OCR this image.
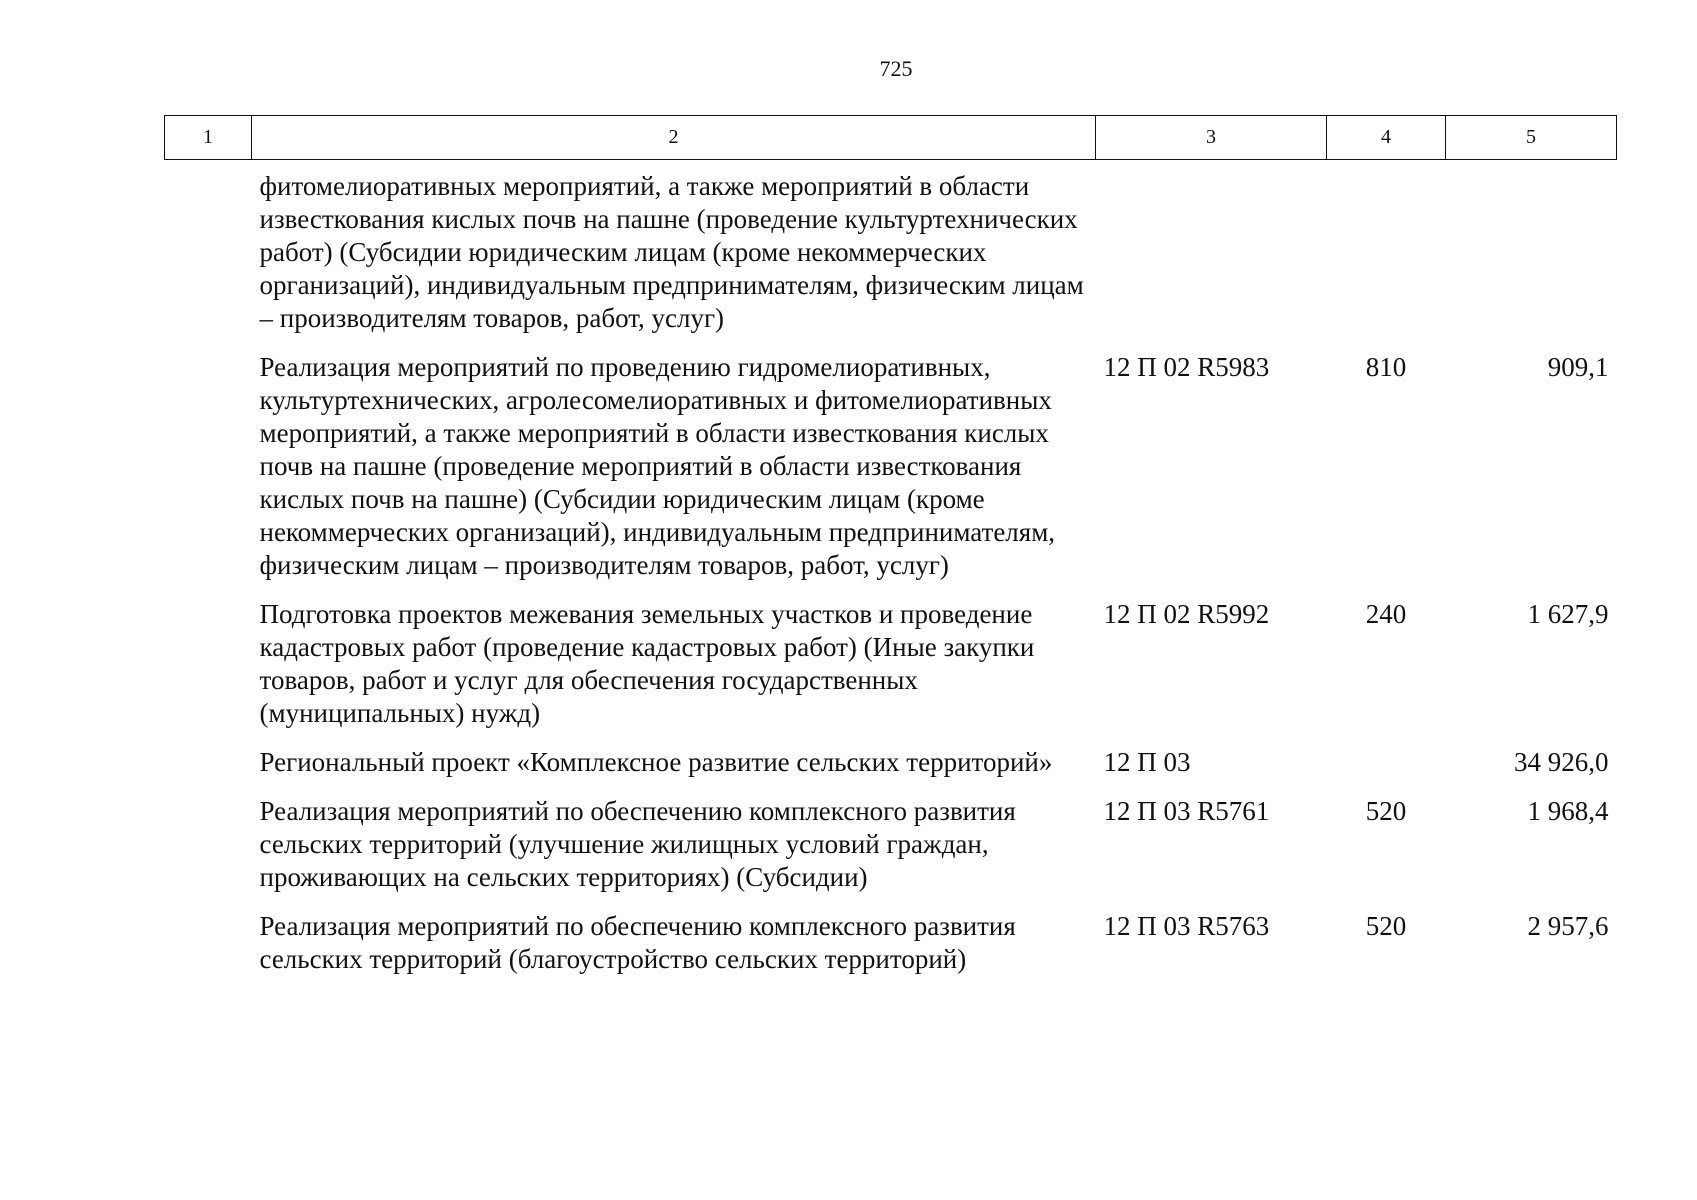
725
1	2	3	4	5
	фитомелиоративных мероприятий, а также мероприятий в области известкования кислых почв на пашне (проведение культуртехнических работ) (Субсидии юридическим лицам (кроме некоммерческих организаций), индивидуальным предпринимателям, физическим лицам – производителям товаров, работ, услуг)			
	Реализация мероприятий по проведению гидромелиоративных, культуртехнических, агролесомелиоративных и фитомелиоративных мероприятий, а также мероприятий в области известкования кислых почв на пашне (проведение мероприятий в области известкования кислых почв на пашне) (Субсидии юридическим лицам (кроме некоммерческих организаций), индивидуальным предпринимателям, физическим лицам – производителям товаров, работ, услуг)	12 П 02 R5983	810	909,1
	Подготовка проектов межевания земельных участков и проведение кадастровых работ (проведение кадастровых работ) (Иные закупки товаров, работ и услуг для обеспечения государственных (муниципальных) нужд)	12 П 02 R5992	240	1 627,9
	Региональный проект «Комплексное развитие сельских территорий»	12 П 03		34 926,0
	Реализация мероприятий по обеспечению комплексного развития сельских территорий (улучшение жилищных условий граждан, проживающих на сельских территориях) (Субсидии)	12 П 03 R5761	520	1 968,4
	Реализация мероприятий по обеспечению комплексного развития сельских территорий (благоустройство сельских территорий)	12 П 03 R5763	520	2 957,6
